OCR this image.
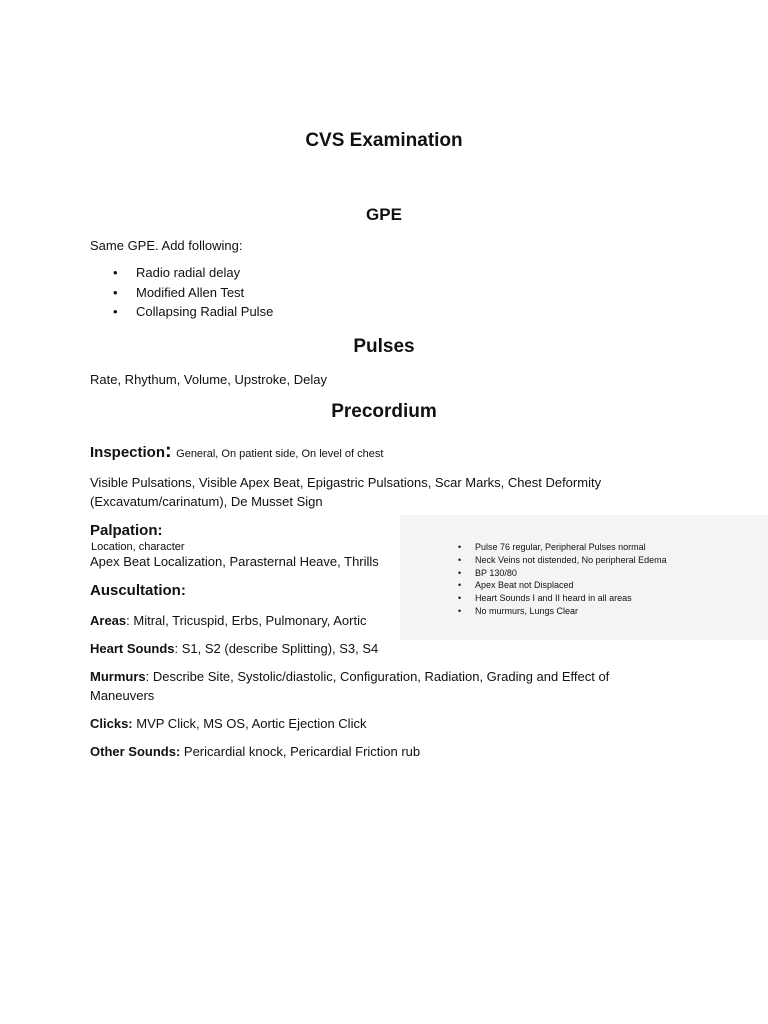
CVS Examination
GPE
Same GPE. Add following:
• Radio radial delay
• Modified Allen Test
• Collapsing Radial Pulse
Pulses
Rate, Rhythum, Volume, Upstroke, Delay
Precordium
Inspection: General, On patient side, On level of chest
Visible Pulsations, Visible Apex Beat, Epigastric Pulsations, Scar Marks, Chest Deformity
(Excavatum/carinatum), De Musset Sign
Palpation:
Location, character
Apex Beat Localization, Parasternal Heave, Thrills
Auscultation:
Areas: Mitral, Tricuspid, Erbs, Pulmonary, Aortic
Heart Sounds: S1, S2 (describe Splitting), S3, S4
Murmurs: Describe Site, Systolic/diastolic, Configuration, Radiation, Grading and Effect of
Maneuvers
Clicks: MVP Click, MS OS, Aortic Ejection Click
Other Sounds: Pericardial knock, Pericardial Friction rub
• Pulse 76 regular, Peripheral Pulses normal
• Neck Veins not distended, No peripheral Edema
• BP 130/80
• Apex Beat not Displaced
• Heart Sounds I and II heard in all areas
• No murmurs, Lungs Clear
